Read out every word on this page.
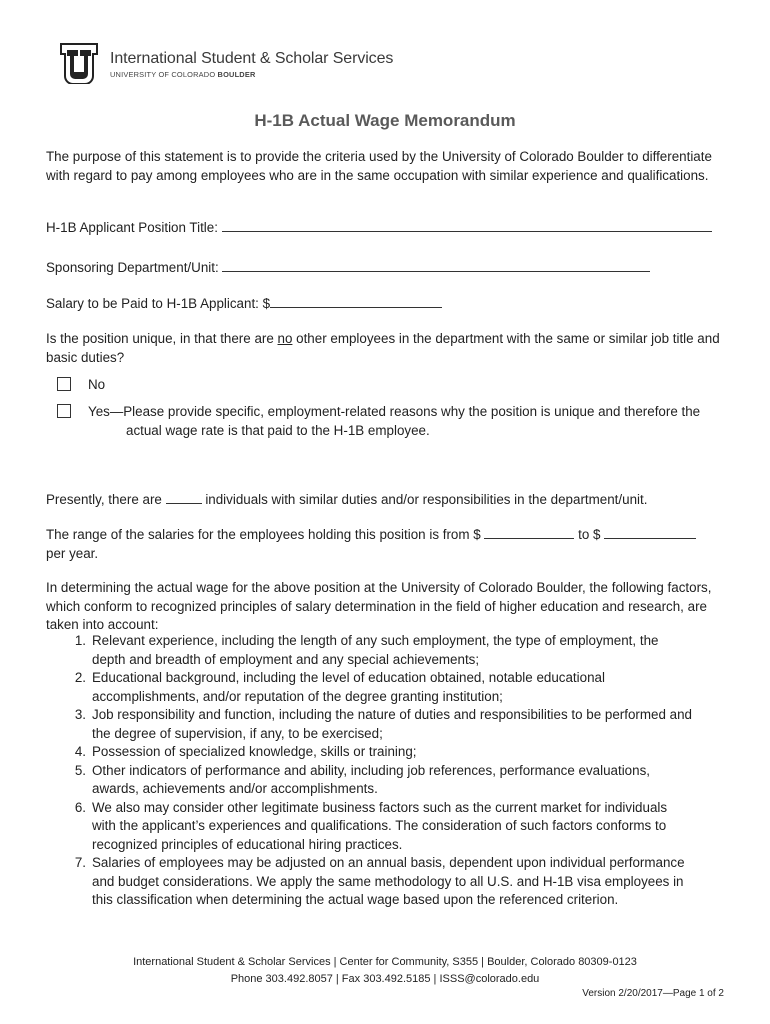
International Student & Scholar Services
UNIVERSITY OF COLORADO BOULDER
H-1B Actual Wage Memorandum
The purpose of this statement is to provide the criteria used by the University of Colorado Boulder to differentiate with regard to pay among employees who are in the same occupation with similar experience and qualifications.
H-1B Applicant Position Title:
Sponsoring Department/Unit:
Salary to be Paid to H-1B Applicant: $
Is the position unique, in that there are no other employees in the department with the same or similar job title and basic duties?
No
Yes—Please provide specific, employment-related reasons why the position is unique and therefore the actual wage rate is that paid to the H-1B employee.
Presently, there are	individuals with similar duties and/or responsibilities in the department/unit.
The range of the salaries for the employees holding this position is from $	to $
per year.
In determining the actual wage for the above position at the University of Colorado Boulder, the following factors, which conform to recognized principles of salary determination in the field of higher education and research, are taken into account:
1. Relevant experience, including the length of any such employment, the type of employment, the depth and breadth of employment and any special achievements;
2. Educational background, including the level of education obtained, notable educational accomplishments, and/or reputation of the degree granting institution;
3. Job responsibility and function, including the nature of duties and responsibilities to be performed and the degree of supervision, if any, to be exercised;
4. Possession of specialized knowledge, skills or training;
5. Other indicators of performance and ability, including job references, performance evaluations, awards, achievements and/or accomplishments.
6. We also may consider other legitimate business factors such as the current market for individuals with the applicant’s experiences and qualifications. The consideration of such factors conforms to recognized principles of educational hiring practices.
7. Salaries of employees may be adjusted on an annual basis, dependent upon individual performance and budget considerations. We apply the same methodology to all U.S. and H-1B visa employees in this classification when determining the actual wage based upon the referenced criterion.
International Student & Scholar Services | Center for Community, S355 | Boulder, Colorado 80309-0123
Phone 303.492.8057 | Fax 303.492.5185 | ISSS@colorado.edu
Version 2/20/2017—Page 1 of 2
